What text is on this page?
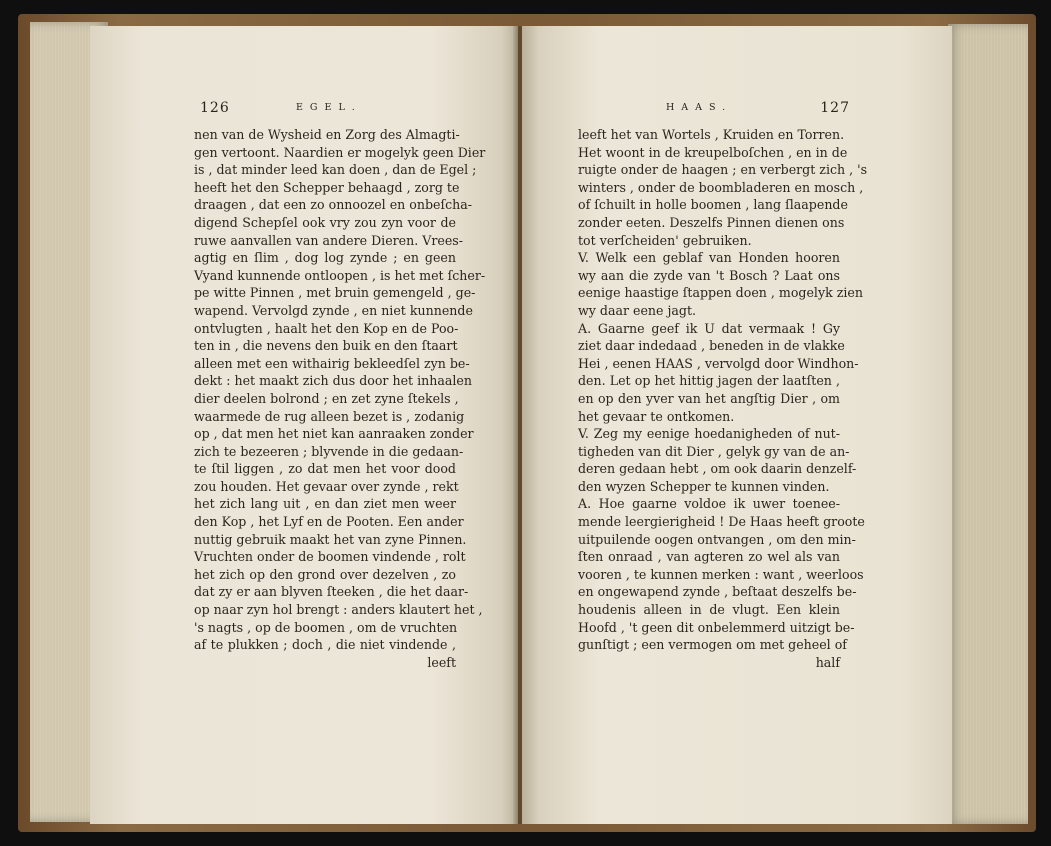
126	EGEL.
nen van de Wysheid en Zorg des Almagti-
gen vertoont. Naardien er mogelyk geen Dier
is , dat minder leed kan doen , dan de Egel ;
heeft het den Schepper behaagd , zorg te
draagen , dat een zo onnoozel en onbeſcha-
digend Schepſel ook vry zou zyn voor de
ruwe aanvallen van andere Dieren. Vrees-
agtig en ſlim , dog log zynde ; en geen
Vyand kunnende ontloopen , is het met ſcher-
pe witte Pinnen , met bruin gemengeld , ge-
wapend. Vervolgd zynde , en niet kunnende
ontvlugten , haalt het den Kop en de Poo-
ten in , die nevens den buik en den ſtaart
alleen met een withairig bekleedſel zyn be-
dekt : het maakt zich dus door het inhaalen
dier deelen bolrond ; en zet zyne ſtekels ,
waarmede de rug alleen bezet is , zodanig
op , dat men het niet kan aanraaken zonder
zich te bezeeren ; blyvende in die gedaan-
te ſtil liggen , zo dat men het voor dood
zou houden. Het gevaar over zynde , rekt
het zich lang uit , en dan ziet men weer
den Kop , het Lyf en de Pooten. Een ander
nuttig gebruik maakt het van zyne Pinnen.
Vruchten onder de boomen vindende , rolt
het zich op den grond over dezelven , zo
dat zy er aan blyven ſteeken , die het daar-
op naar zyn hol brengt : anders klautert het ,
's nagts , op de boomen , om de vruchten
af te plukken ; doch , die niet vindende ,
leeft
HAAS.	127
leeft het van Wortels , Kruiden en Torren.
Het woont in de kreupelboſchen , en in de
ruigte onder de haagen ; en verbergt zich , 's
winters , onder de boombladeren en mosch ,
of ſchuilt in holle boomen , lang ſlaapende
zonder eeten. Deszelfs Pinnen dienen ons
tot verſcheiden' gebruiken.
V. Welk een geblaf van Honden hooren
wy aan die zyde van 't Bosch ? Laat ons
eenige haastige ſtappen doen , mogelyk zien
wy daar eene jagt.
A. Gaarne geef ik U dat vermaak ! Gy
ziet daar indedaad , beneden in de vlakke
Hei , eenen HAAS , vervolgd door Windhon-
den. Let op het hittig jagen der laatſten ,
en op den yver van het angſtig Dier , om
het gevaar te ontkomen.
V. Zeg my eenige hoedanigheden of nut-
tigheden van dit Dier , gelyk gy van de an-
deren gedaan hebt , om ook daarin denzelf-
den wyzen Schepper te kunnen vinden.
A. Hoe gaarne voldoe ik uwer toenee-
mende leergierigheid ! De Haas heeft groote
uitpuilende oogen ontvangen , om den min-
ſten onraad , van agteren zo wel als van
vooren , te kunnen merken : want , weerloos
en ongewapend zynde , beſtaat deszelfs be-
houdenis alleen in de vlugt. Een klein
Hoofd , 't geen dit onbelemmerd uitzigt be-
gunſtigt ; een vermogen om met geheel of
half
